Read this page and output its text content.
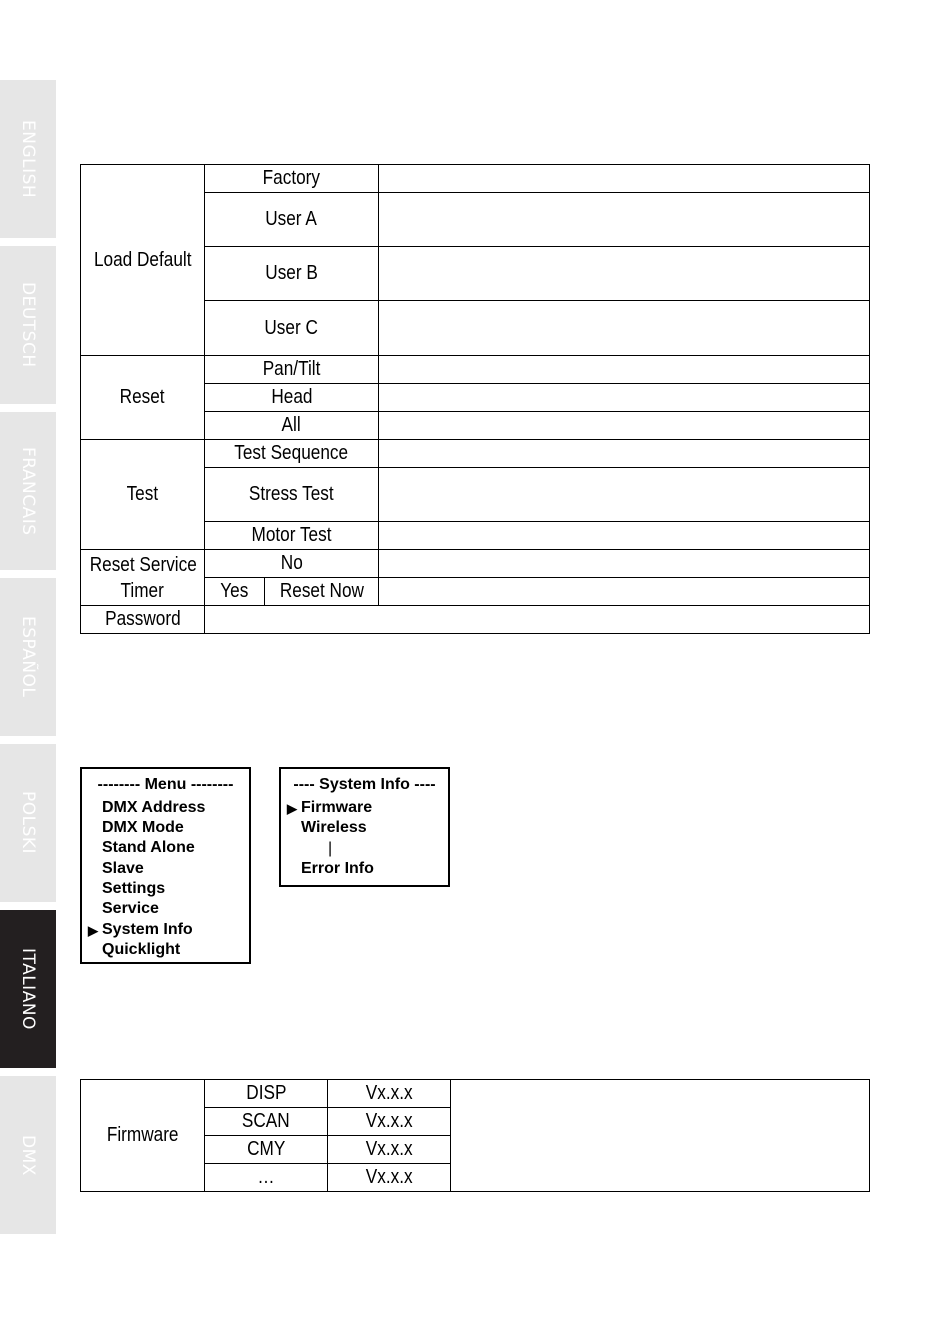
ENGLISH
DEUTSCH
FRANCAIS
ESPAÑOL
POLSKI
ITALIANO
DMX
Load Default	Factory		
	User A		
	User B		
	User C		
Reset	Pan/Tilt		
	Head		
	All		
Test	Test Sequence		
	Stress Test		
	Motor Test		
Reset Service
Timer	No		
	Yes	Reset Now	
Password			
-------- Menu --------
DMX Address
DMX Mode
Stand Alone
Slave
Settings
Service
▶ System Info
Quicklight
---- System Info ----
▶ Firmware
Wireless
|
Error Info
Firmware	DISP	Vx.x.x	
	SCAN	Vx.x.x	
	CMY	Vx.x.x	
	…	Vx.x.x	
